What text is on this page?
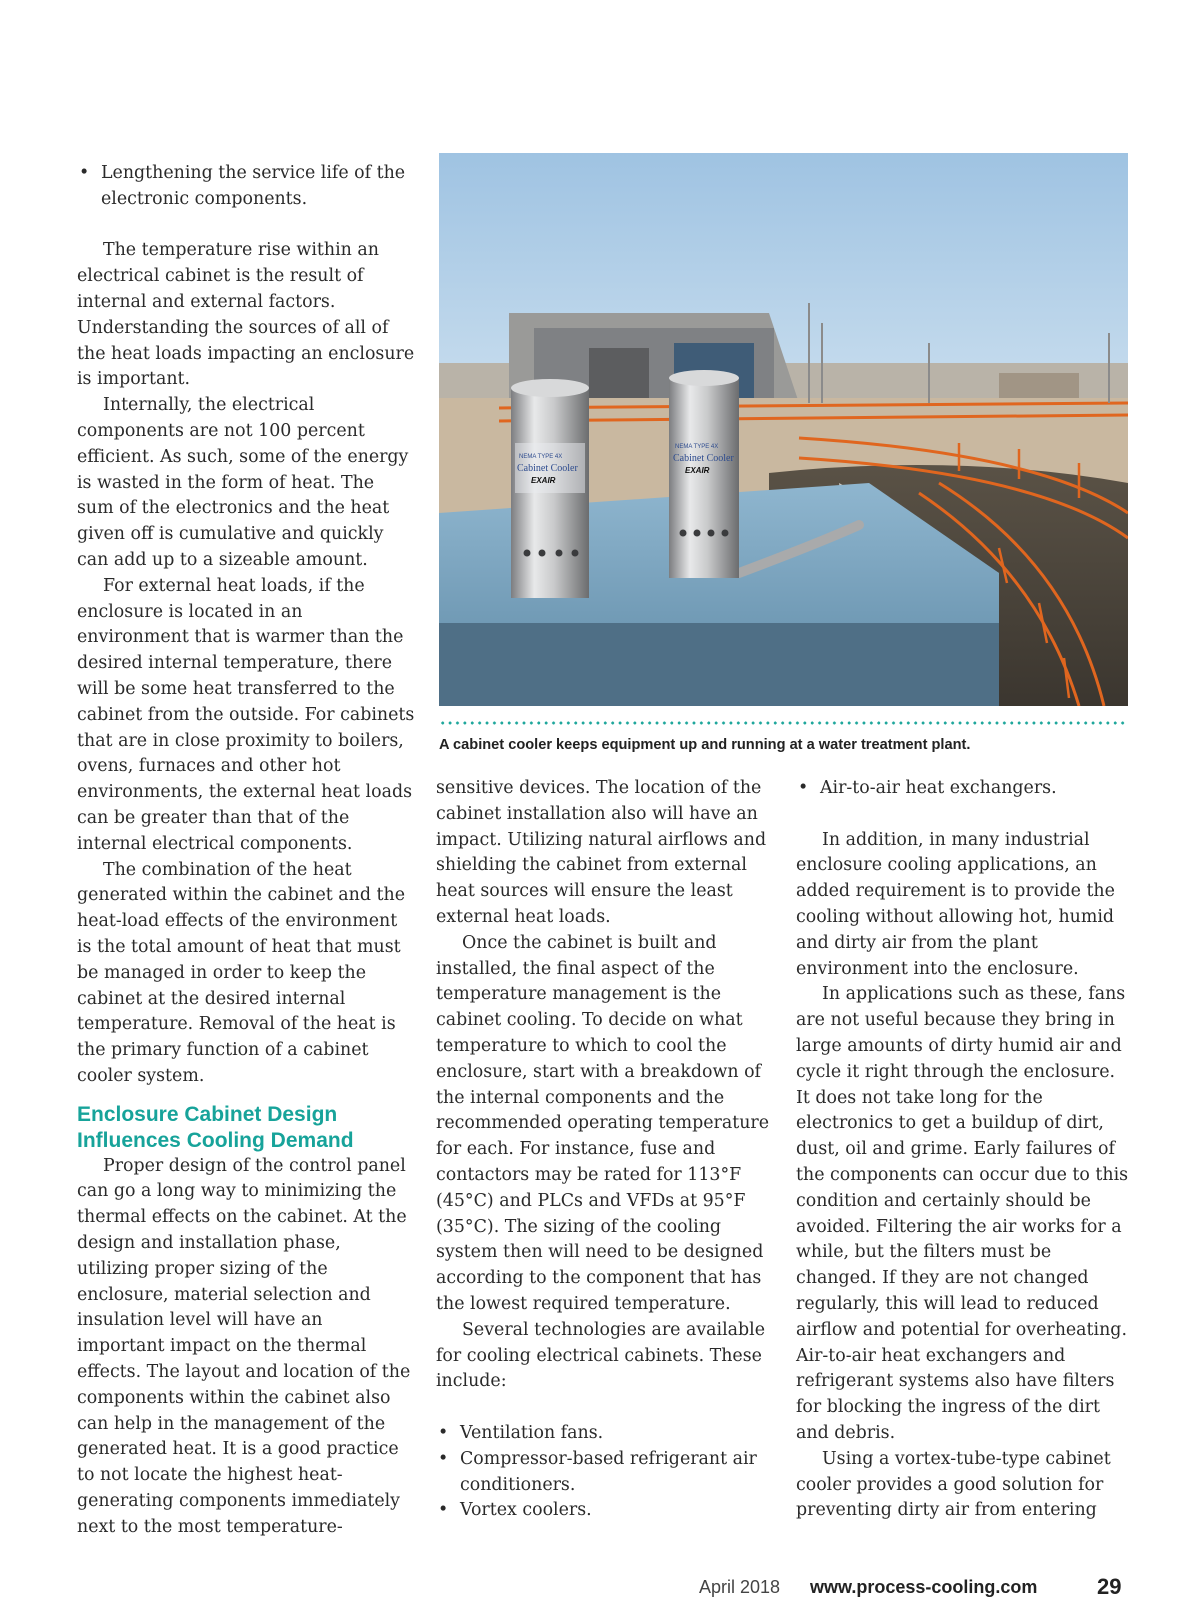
• Lengthening the service life of the electronic components.

The temperature rise within an electrical cabinet is the result of internal and external factors. Understanding the sources of all of the heat loads impacting an enclosure is important.

Internally, the electrical components are not 100 percent efficient. As such, some of the energy is wasted in the form of heat. The sum of the electronics and the heat given off is cumulative and quickly can add up to a sizeable amount.

For external heat loads, if the enclosure is located in an environment that is warmer than the desired internal temperature, there will be some heat transferred to the cabinet from the outside. For cabinets that are in close proximity to boilers, ovens, furnaces and other hot environments, the external heat loads can be greater than that of the internal electrical components.

The combination of the heat generated within the cabinet and the heat-load effects of the environment is the total amount of heat that must be managed in order to keep the cabinet at the desired internal temperature. Removal of the heat is the primary function of a cabinet cooler system.

Enclosure Cabinet Design
Influences Cooling Demand

Proper design of the control panel can go a long way to minimizing the thermal effects on the cabinet. At the design and installation phase, utilizing proper sizing of the enclosure, material selection and insulation level will have an important impact on the thermal effects. The layout and location of the components within the cabinet also can help in the management of the generated heat. It is a good practice to not locate the highest heat-generating components immediately next to the most temperature-

NEMA TYPE 4X
Cabinet Cooler
EXAIR
NEMA TYPE 4X
Cabinet Cooler
EXAIR
A cabinet cooler keeps equipment up and running at a water treatment plant.

sensitive devices. The location of the cabinet installation also will have an impact. Utilizing natural airflows and shielding the cabinet from external heat sources will ensure the least external heat loads.

Once the cabinet is built and installed, the final aspect of the temperature management is the cabinet cooling. To decide on what temperature to which to cool the enclosure, start with a breakdown of the internal components and the recommended operating temperature for each. For instance, fuse and contactors may be rated for 113°F (45°C) and PLCs and VFDs at 95°F (35°C). The sizing of the cooling system then will need to be designed according to the component that has the lowest required temperature.

Several technologies are available for cooling electrical cabinets. These include:

• Ventilation fans.

• Compressor-based refrigerant air conditioners.

• Vortex coolers.

• Air-to-air heat exchangers.

In addition, in many industrial enclosure cooling applications, an added requirement is to provide the cooling without allowing hot, humid and dirty air from the plant environment into the enclosure.

In applications such as these, fans are not useful because they bring in large amounts of dirty humid air and cycle it right through the enclosure. It does not take long for the electronics to get a buildup of dirt, dust, oil and grime. Early failures of the components can occur due to this condition and certainly should be avoided. Filtering the air works for a while, but the filters must be changed. If they are not changed regularly, this will lead to reduced airflow and potential for overheating. Air-to-air heat exchangers and refrigerant systems also have filters for blocking the ingress of the dirt and debris.

Using a vortex-tube-type cabinet cooler provides a good solution for preventing dirty air from entering

April 2018 www.process-cooling.com	29
